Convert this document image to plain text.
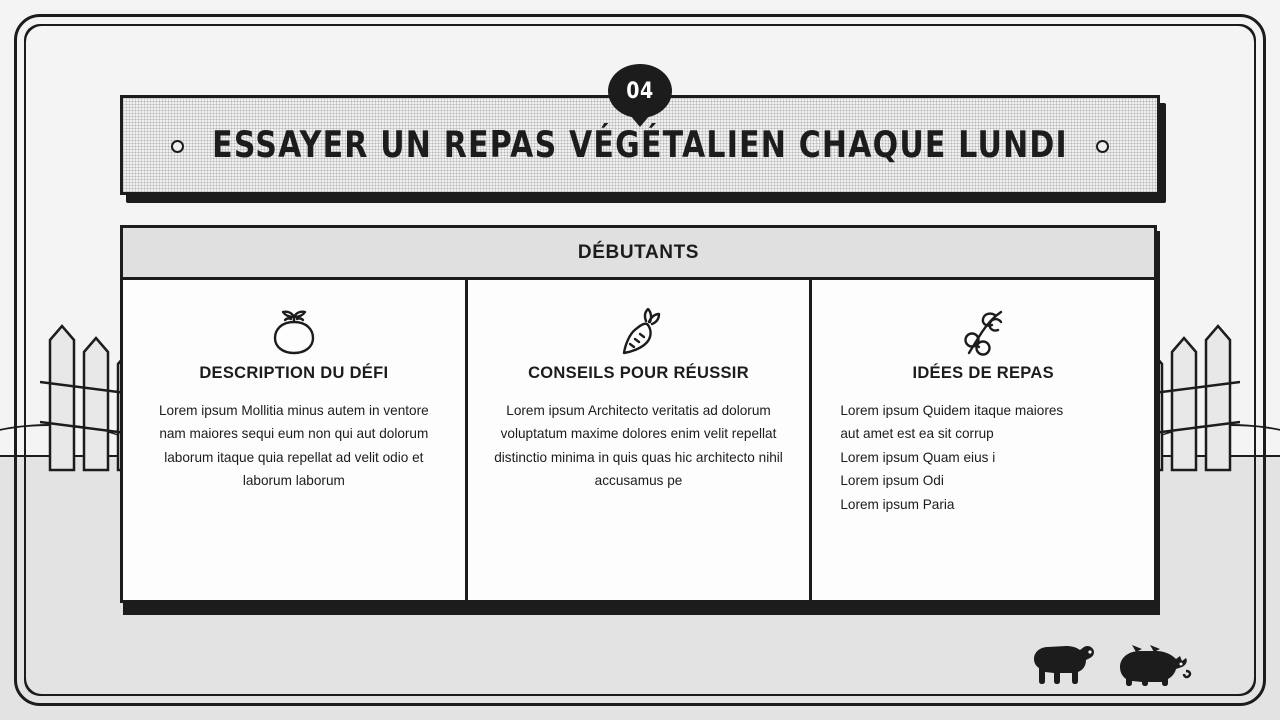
ESSAYER UN REPAS VÉGÉTALIEN CHAQUE LUNDI
04
DÉBUTANTS
DESCRIPTION DU DÉFI
Lorem ipsum Mollitia minus autem in ventore nam maiores sequi eum non qui aut dolorum laborum itaque quia repellat ad velit odio et laborum laborum
CONSEILS POUR RÉUSSIR
Lorem ipsum Architecto veritatis ad dolorum voluptatum maxime dolores enim velit repellat distinctio minima in quis quas hic architecto nihil accusamus pe
IDÉES DE REPAS
Lorem ipsum Quidem itaque maiores
aut amet est ea sit corrup
Lorem ipsum Quam eius i
Lorem ipsum Odi
Lorem ipsum Paria
